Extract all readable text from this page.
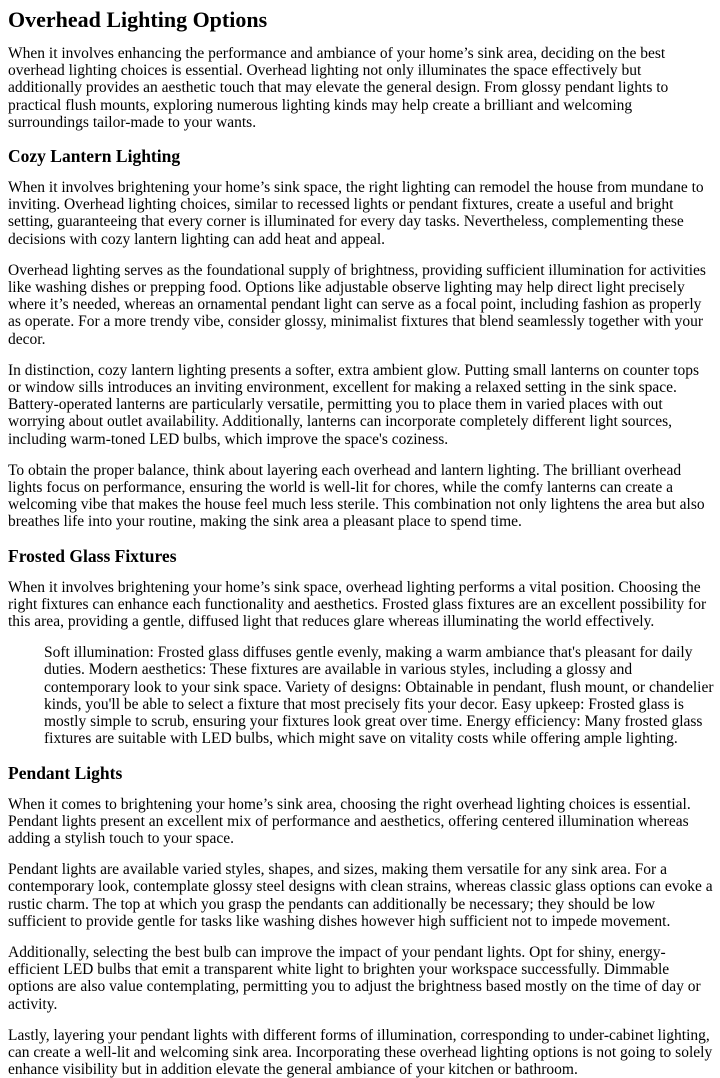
Overhead Lighting Options

When it involves enhancing the performance and ambiance of your home’s sink area, deciding on the best overhead lighting choices is essential. Overhead lighting not only illuminates the space effectively but additionally provides an aesthetic touch that may elevate the general design. From glossy pendant lights to practical flush mounts, exploring numerous lighting kinds may help create a brilliant and welcoming surroundings tailor-made to your wants.

Cozy Lantern Lighting

When it involves brightening your home’s sink space, the right lighting can remodel the house from mundane to inviting. Overhead lighting choices, similar to recessed lights or pendant fixtures, create a useful and bright setting, guaranteeing that every corner is illuminated for every day tasks. Nevertheless, complementing these decisions with cozy lantern lighting can add heat and appeal.

Overhead lighting serves as the foundational supply of brightness, providing sufficient illumination for activities like washing dishes or prepping food. Options like adjustable observe lighting may help direct light precisely where it’s needed, whereas an ornamental pendant light can serve as a focal point, including fashion as properly as operate. For a more trendy vibe, consider glossy, minimalist fixtures that blend seamlessly together with your decor.

In distinction, cozy lantern lighting presents a softer, extra ambient glow. Putting small lanterns on counter tops or window sills introduces an inviting environment, excellent for making a relaxed setting in the sink space. Battery-operated lanterns are particularly versatile, permitting you to place them in varied places with out worrying about outlet availability. Additionally, lanterns can incorporate completely different light sources, including warm-toned LED bulbs, which improve the space's coziness.

To obtain the proper balance, think about layering each overhead and lantern lighting. The brilliant overhead lights focus on performance, ensuring the world is well-lit for chores, while the comfy lanterns can create a welcoming vibe that makes the house feel much less sterile. This combination not only lightens the area but also breathes life into your routine, making the sink area a pleasant place to spend time.

Frosted Glass Fixtures

When it involves brightening your home’s sink space, overhead lighting performs a vital position. Choosing the right fixtures can enhance each functionality and aesthetics. Frosted glass fixtures are an excellent possibility for this area, providing a gentle, diffused light that reduces glare whereas illuminating the world effectively.

Soft illumination: Frosted glass diffuses gentle evenly, making a warm ambiance that's pleasant for daily duties. Modern aesthetics: These fixtures are available in various styles, including a glossy and contemporary look to your sink space. Variety of designs: Obtainable in pendant, flush mount, or chandelier kinds, you'll be able to select a fixture that most precisely fits your decor. Easy upkeep: Frosted glass is mostly simple to scrub, ensuring your fixtures look great over time. Energy efficiency: Many frosted glass fixtures are suitable with LED bulbs, which might save on vitality costs while offering ample lighting.
Pendant Lights

When it comes to brightening your home’s sink area, choosing the right overhead lighting choices is essential. Pendant lights present an excellent mix of performance and aesthetics, offering centered illumination whereas adding a stylish touch to your space.

Pendant lights are available varied styles, shapes, and sizes, making them versatile for any sink area. For a contemporary look, contemplate glossy steel designs with clean strains, whereas classic glass options can evoke a rustic charm. The top at which you grasp the pendants can additionally be necessary; they should be low sufficient to provide gentle for tasks like washing dishes however high sufficient not to impede movement.

Additionally, selecting the best bulb can improve the impact of your pendant lights. Opt for shiny, energy-efficient LED bulbs that emit a transparent white light to brighten your workspace successfully. Dimmable options are also value contemplating, permitting you to adjust the brightness based mostly on the time of day or activity.

Lastly, layering your pendant lights with different forms of illumination, corresponding to under-cabinet lighting, can create a well-lit and welcoming sink area. Incorporating these overhead lighting options is not going to solely enhance visibility but in addition elevate the general ambiance of your kitchen or bathroom.
